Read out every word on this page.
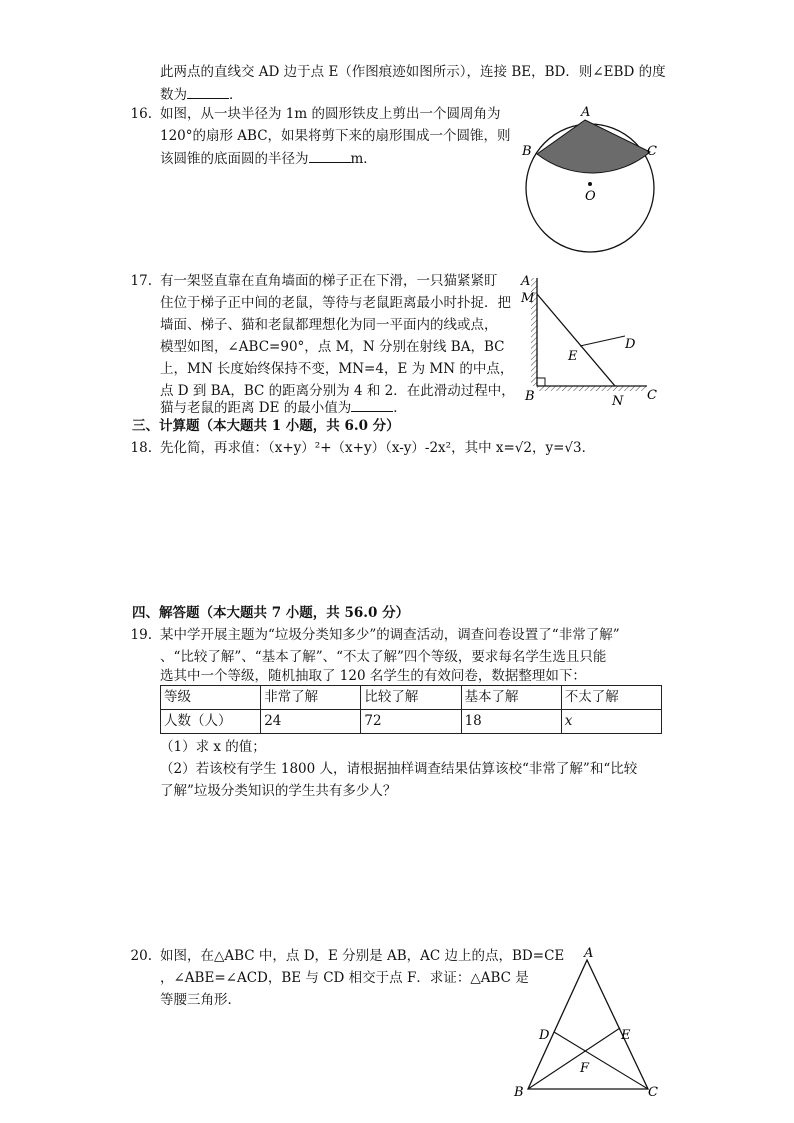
此两点的直线交 AD 边于点 E（作图痕迹如图所示），连接 BE，BD．则∠EBD 的度
数为	．
16. 如图，从一块半径为 1m 的圆形铁皮上剪出一个圆周角为
120°的扇形 ABC，如果将剪下来的扇形围成一个圆锥，则
该圆锥的底面圆的半径为	m．
A
B	C
O
17. 有一架竖直靠在直角墙面的梯子正在下滑，一只猫紧紧盯
住位于梯子正中间的老鼠，等待与老鼠距离最小时扑捉．把
墙面、梯子、猫和老鼠都理想化为同一平面内的线或点，
模型如图，∠ABC=90°，点 M，N 分别在射线 BA，BC
上，MN 长度始终保持不变，MN=4，E 为 MN 的中点，
点 D 到 BA，BC 的距离分别为 4 和 2．在此滑动过程中，
猫与老鼠的距离 DE 的最小值为	．
A
M
E
D
B	N C
三、计算题（本大题共 1 小题，共 6.0 分）
18. 先化简，再求值：（x+y）²+（x+y）（x-y）-2x²，其中 x=√2，y=√3．
四、解答题（本大题共 7 小题，共 56.0 分）
19. 某中学开展主题为“垃圾分类知多少”的调查活动，调查问卷设置了“非常了解”
、“比较了解”、“基本了解”、“不太了解”四个等级，要求每名学生选且只能
选其中一个等级，随机抽取了 120 名学生的有效问卷，数据整理如下：
等级	非常了解	比较了解	基本了解	不太了解
人数（人）	24	72	18	x
（1）求 x 的值；
（2）若该校有学生 1800 人，请根据抽样调查结果估算该校“非常了解”和“比较
了解”垃圾分类知识的学生共有多少人？
20. 如图，在△ABC 中，点 D，E 分别是 AB，AC 边上的点，BD=CE
，∠ABE=∠ACD，BE 与 CD 相交于点 F．求证：△ABC 是
等腰三角形．
A
D	E
F
B	C
